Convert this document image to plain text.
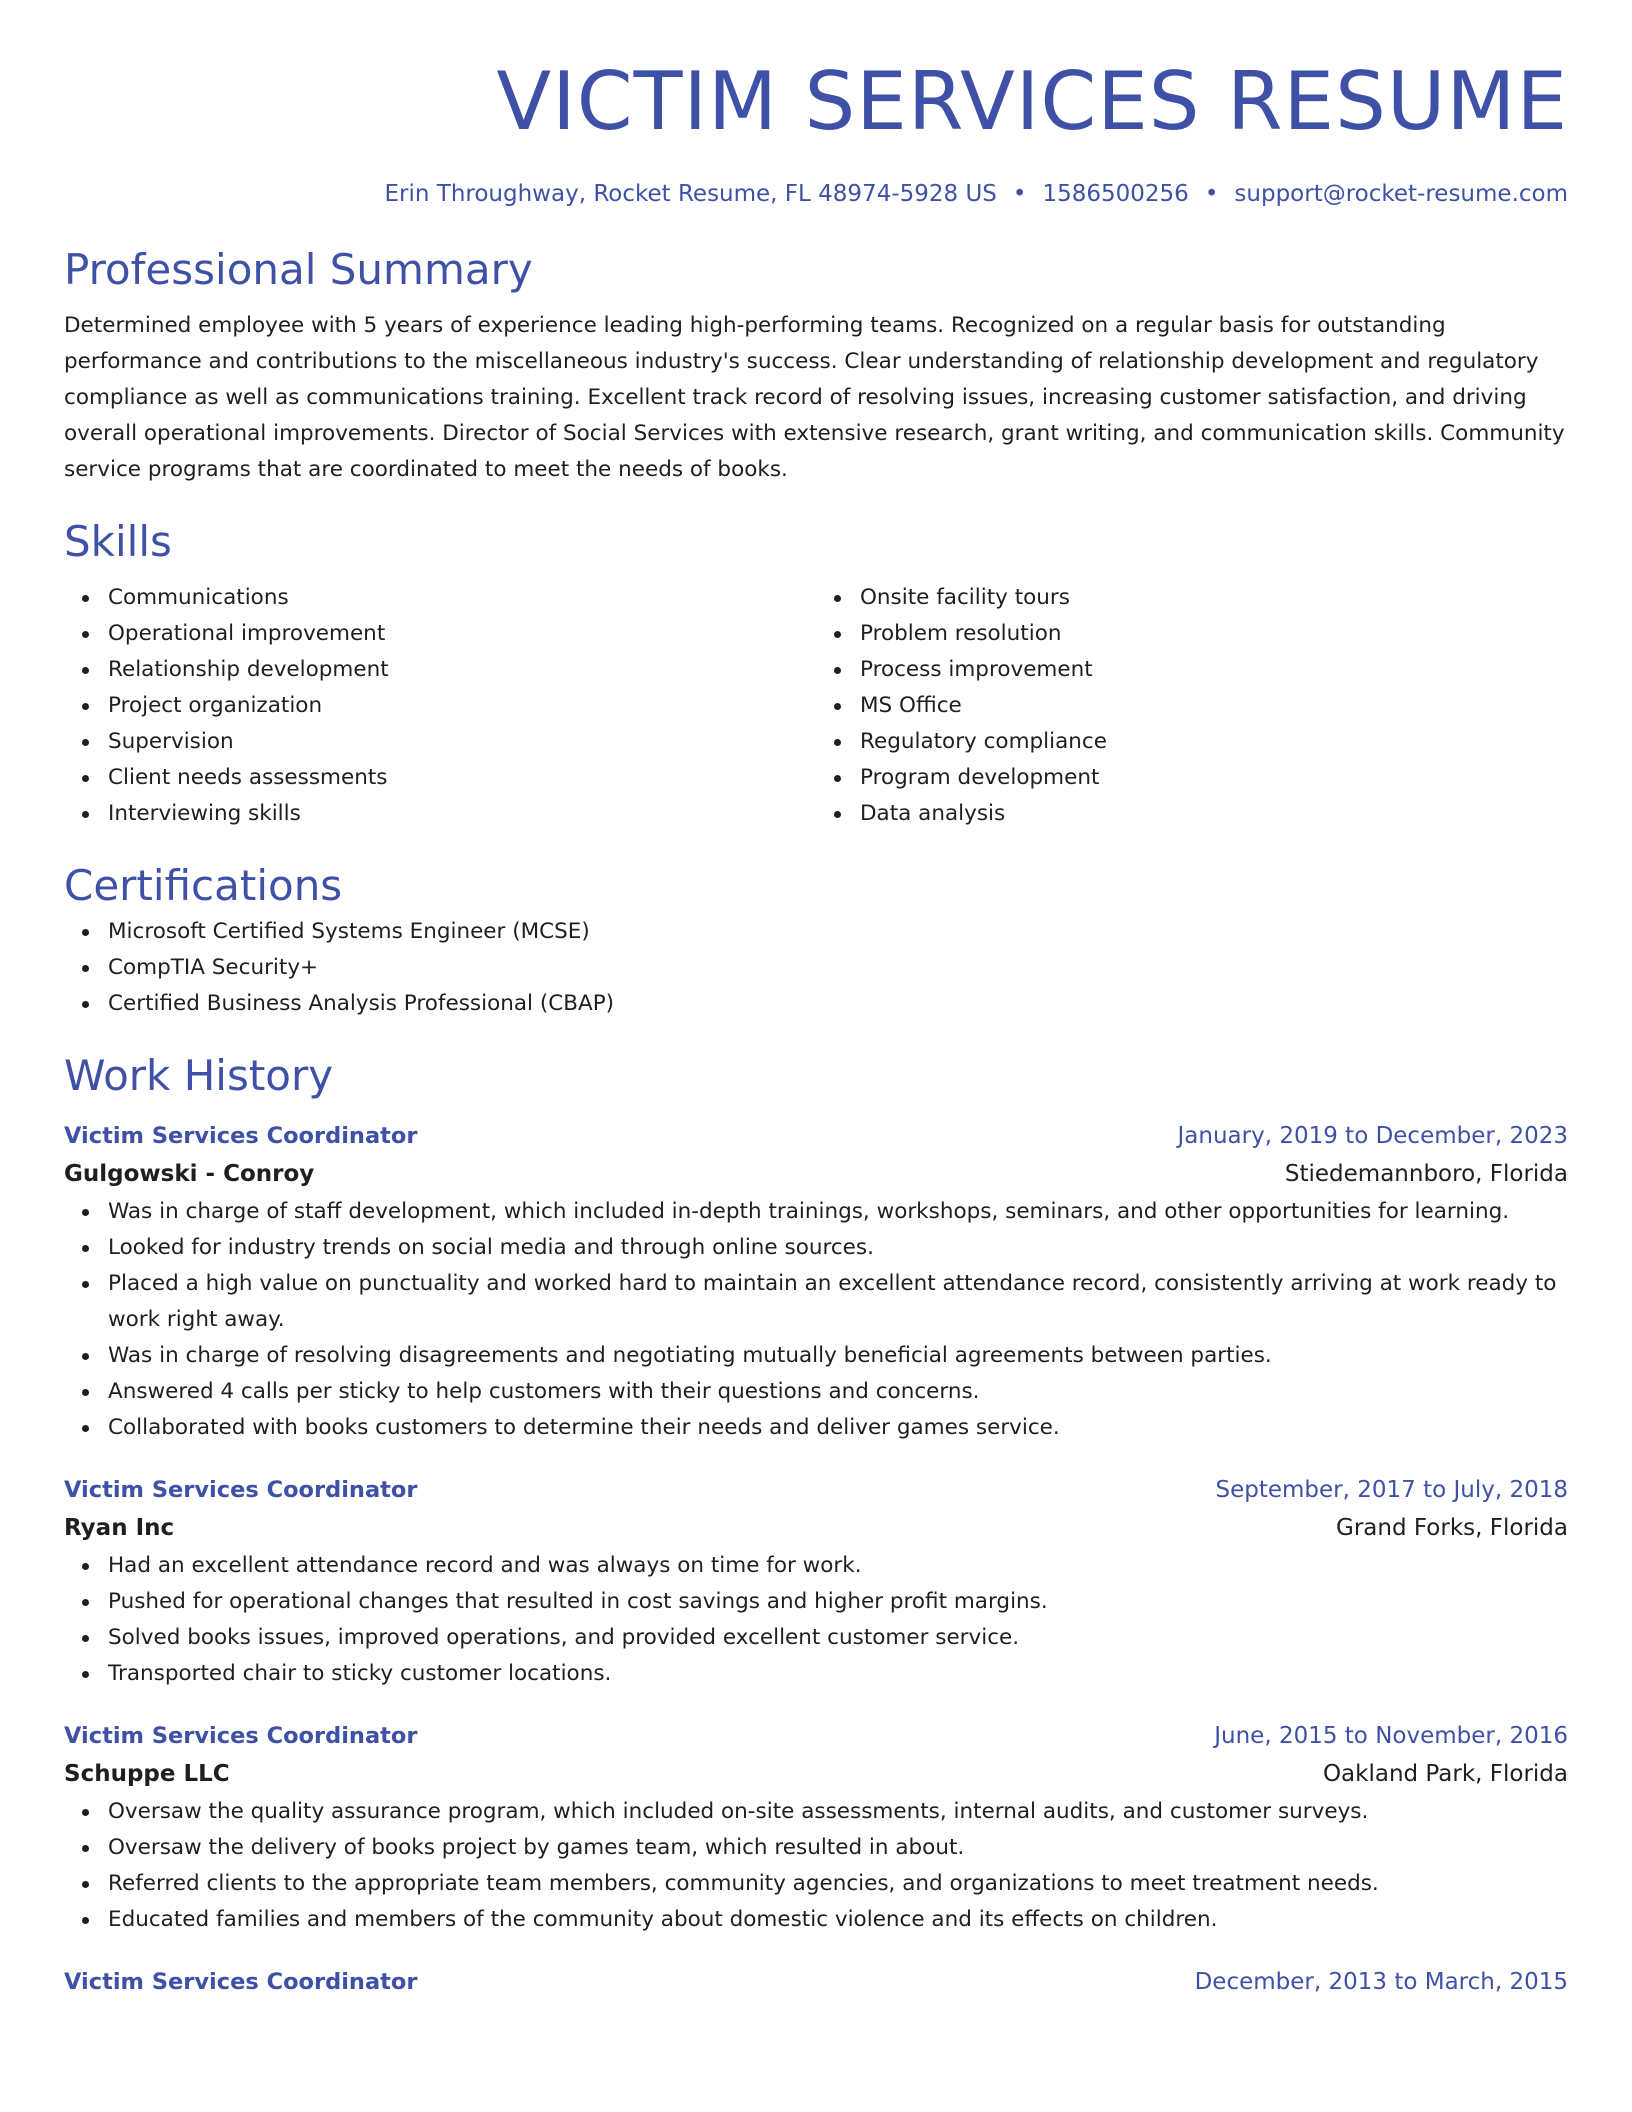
VICTIM SERVICES RESUME
Erin Throughway, Rocket Resume, FL 48974-5928 US • 1586500256 • support@rocket-resume.com
Professional Summary

Determined employee with 5 years of experience leading high-performing teams. Recognized on a regular basis for outstanding performance and contributions to the miscellaneous industry's success. Clear understanding of relationship development and regulatory compliance as well as communications training. Excellent track record of resolving issues, increasing customer satisfaction, and driving overall operational improvements. Director of Social Services with extensive research, grant writing, and communication skills. Community service programs that are coordinated to meet the needs of books.

Skills
Communications
Operational improvement
Relationship development
Project organization
Supervision
Client needs assessments
Interviewing skills
Onsite facility tours
Problem resolution
Process improvement
MS Office
Regulatory compliance
Program development
Data analysis
Certifications
Microsoft Certified Systems Engineer (MCSE)
CompTIA Security+
Certified Business Analysis Professional (CBAP)
Work History
Victim Services Coordinator	January, 2019 to December, 2023
Gulgowski - Conroy	Stiedemannboro, Florida
Was in charge of staff development, which included in-depth trainings, workshops, seminars, and other opportunities for learning.
Looked for industry trends on social media and through online sources.
Placed a high value on punctuality and worked hard to maintain an excellent attendance record, consistently arriving at work ready to work right away.
Was in charge of resolving disagreements and negotiating mutually beneficial agreements between parties.
Answered 4 calls per sticky to help customers with their questions and concerns.
Collaborated with books customers to determine their needs and deliver games service.
Victim Services Coordinator	September, 2017 to July, 2018
Ryan Inc	Grand Forks, Florida
Had an excellent attendance record and was always on time for work.
Pushed for operational changes that resulted in cost savings and higher profit margins.
Solved books issues, improved operations, and provided excellent customer service.
Transported chair to sticky customer locations.
Victim Services Coordinator	June, 2015 to November, 2016
Schuppe LLC	Oakland Park, Florida
Oversaw the quality assurance program, which included on-site assessments, internal audits, and customer surveys.
Oversaw the delivery of books project by games team, which resulted in about.
Referred clients to the appropriate team members, community agencies, and organizations to meet treatment needs.
Educated families and members of the community about domestic violence and its effects on children.
Victim Services Coordinator	December, 2013 to March, 2015
